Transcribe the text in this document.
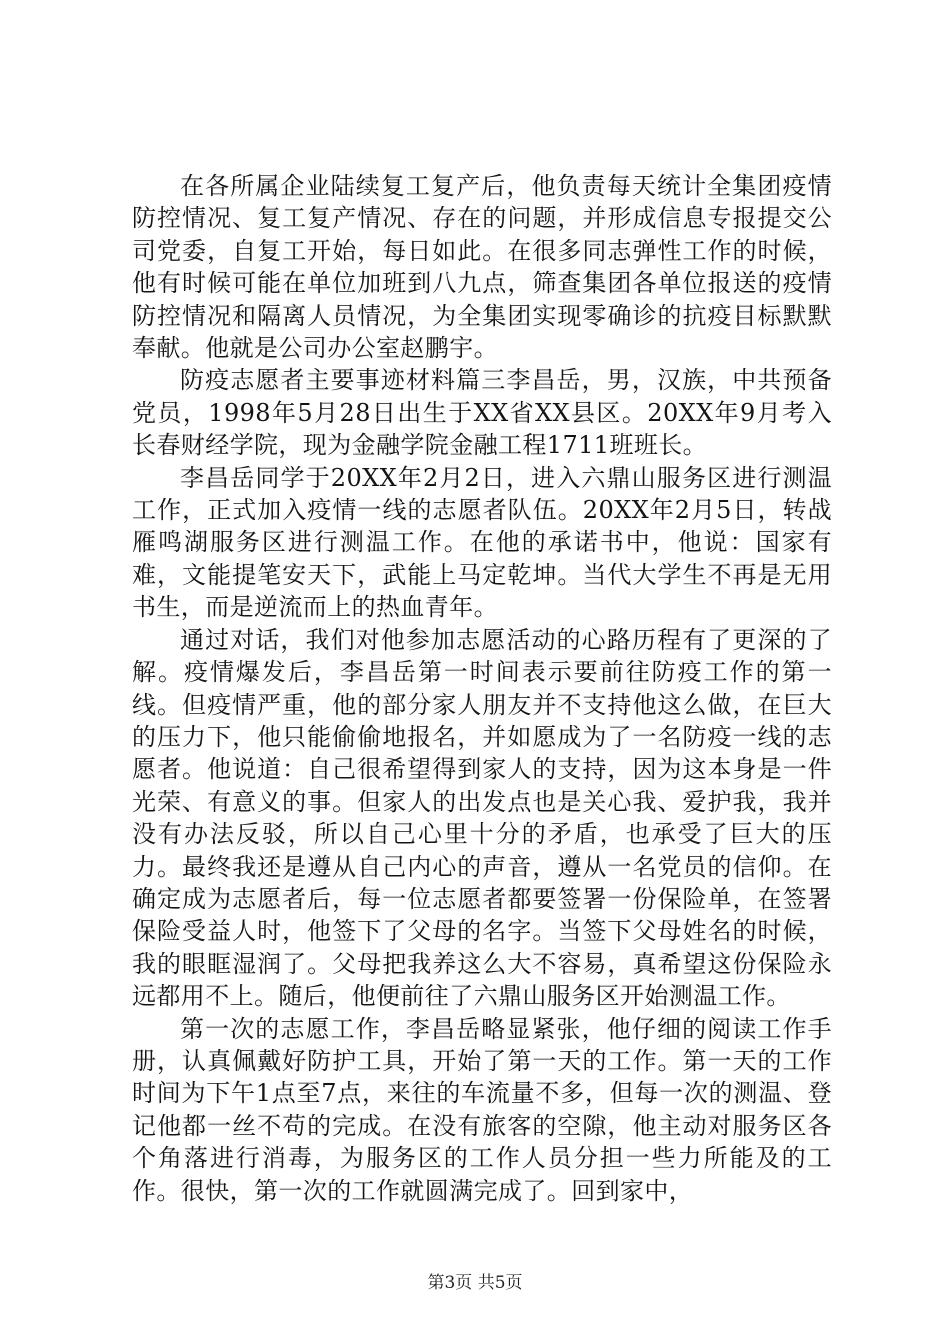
在各所属企业陆续复工复产后，他负责每天统计全集团疫情防控情况、复工复产情况、存在的问题，并形成信息专报提交公司党委，自复工开始，每日如此。在很多同志弹性工作的时候，他有时候可能在单位加班到八九点，筛查集团各单位报送的疫情防控情况和隔离人员情况，为全集团实现零确诊的抗疫目标默默奉献。他就是公司办公室赵鹏宇。

防疫志愿者主要事迹材料篇三李昌岳，男，汉族，中共预备党员，1998年5月28日出生于XX省XX县区。20XX年9月考入长春财经学院，现为金融学院金融工程1711班班长。

李昌岳同学于20XX年2月2日，进入六鼎山服务区进行测温工作，正式加入疫情一线的志愿者队伍。20XX年2月5日，转战雁鸣湖服务区进行测温工作。在他的承诺书中，他说：国家有难，文能提笔安天下，武能上马定乾坤。当代大学生不再是无用书生，而是逆流而上的热血青年。

通过对话，我们对他参加志愿活动的心路历程有了更深的了解。疫情爆发后，李昌岳第一时间表示要前往防疫工作的第一线。但疫情严重，他的部分家人朋友并不支持他这么做，在巨大的压力下，他只能偷偷地报名，并如愿成为了一名防疫一线的志愿者。他说道：自己很希望得到家人的支持，因为这本身是一件光荣、有意义的事。但家人的出发点也是关心我、爱护我，我并没有办法反驳，所以自己心里十分的矛盾，也承受了巨大的压力。最终我还是遵从自己内心的声音，遵从一名党员的信仰。在确定成为志愿者后，每一位志愿者都要签署一份保险单，在签署保险受益人时，他签下了父母的名字。当签下父母姓名的时候，我的眼眶湿润了。父母把我养这么大不容易，真希望这份保险永远都用不上。随后，他便前往了六鼎山服务区开始测温工作。

第一次的志愿工作，李昌岳略显紧张，他仔细的阅读工作手册，认真佩戴好防护工具，开始了第一天的工作。第一天的工作时间为下午1点至7点，来往的车流量不多，但每一次的测温、登记他都一丝不苟的完成。在没有旅客的空隙，他主动对服务区各个角落进行消毒，为服务区的工作人员分担一些力所能及的工作。很快，第一次的工作就圆满完成了。回到家中，

第3页 共5页
